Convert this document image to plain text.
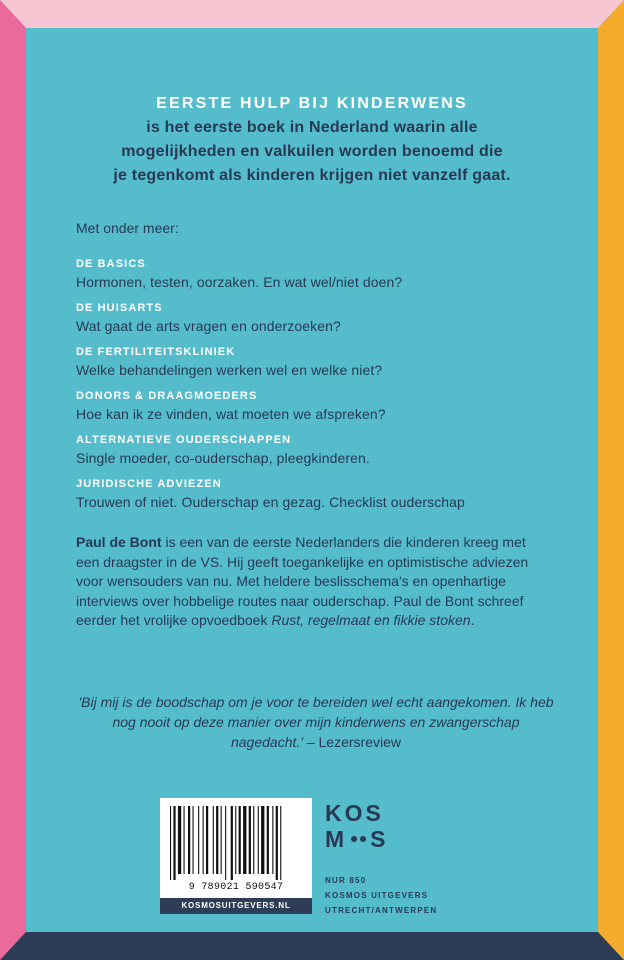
EERSTE HULP BIJ KINDERWENS
is het eerste boek in Nederland waarin alle
mogelijkheden en valkuilen worden benoemd die
je tegenkomt als kinderen krijgen niet vanzelf gaat.
Met onder meer:
DE BASICS
Hormonen, testen, oorzaken. En wat wel/niet doen?
DE HUISARTS
Wat gaat de arts vragen en onderzoeken?
DE FERTILITEITSKLINIEK
Welke behandelingen werken wel en welke niet?
DONORS & DRAAGMOEDERS
Hoe kan ik ze vinden, wat moeten we afspreken?
ALTERNATIEVE OUDERSCHAPPEN
Single moeder, co-ouderschap, pleegkinderen.
JURIDISCHE ADVIEZEN
Trouwen of niet. Ouderschap en gezag. Checklist ouderschap
Paul de Bont is een van de eerste Nederlanders die kinderen kreeg met een draagster in de VS. Hij geeft toegankelijke en optimistische adviezen voor wensouders van nu. Met heldere beslisschema's en openhartige interviews over hobbelige routes naar ouderschap. Paul de Bont schreef eerder het vrolijke opvoedboek Rust, regelmaat en fikkie stoken.
'Bij mij is de boodschap om je voor te bereiden wel echt aangekomen. Ik heb nog nooit op deze manier over mijn kinderwens en zwangerschap nagedacht.' – Lezersreview
9 789021 590547
KOSMOSUITGEVERS.NL
KOS
M S
NUR 850
KOSMOS UITGEVERS
UTRECHT/ANTWERPEN
